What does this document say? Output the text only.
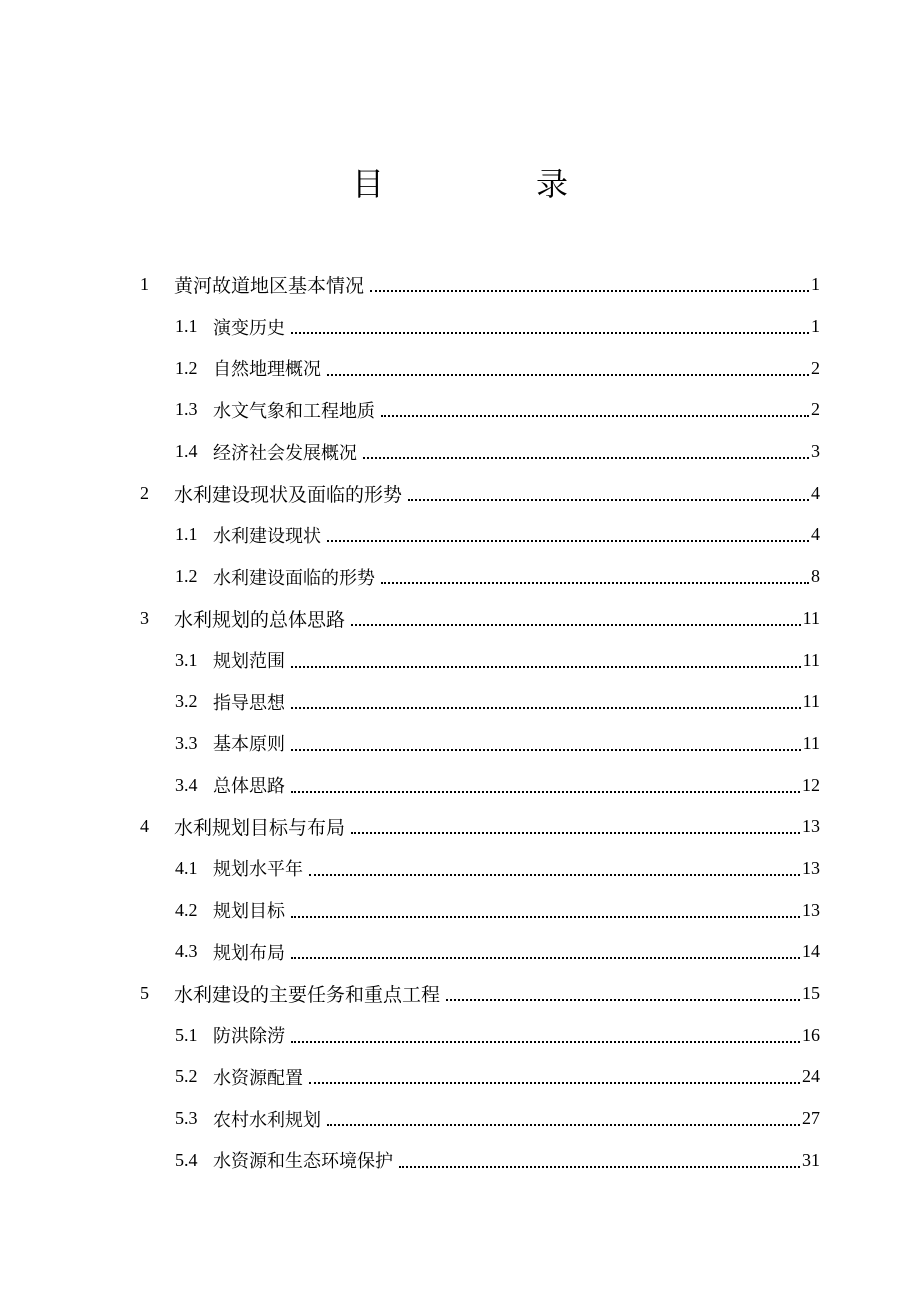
目　录
1	黄河故道地区基本情况	1
1.1 演变历史	1
1.2 自然地理概况	2
1.3 水文气象和工程地质	2
1.4 经济社会发展概况	3
2	水利建设现状及面临的形势	4
1.1 水利建设现状	4
1.2 水利建设面临的形势	8
3	水利规划的总体思路	11
3.1 规划范围	11
3.2 指导思想	11
3.3 基本原则	11
3.4 总体思路	12
4	水利规划目标与布局	13
4.1 规划水平年	13
4.2 规划目标	13
4.3 规划布局	14
5	水利建设的主要任务和重点工程	15
5.1 防洪除涝	16
5.2 水资源配置	24
5.3 农村水利规划	27
5.4 水资源和生态环境保护	31
